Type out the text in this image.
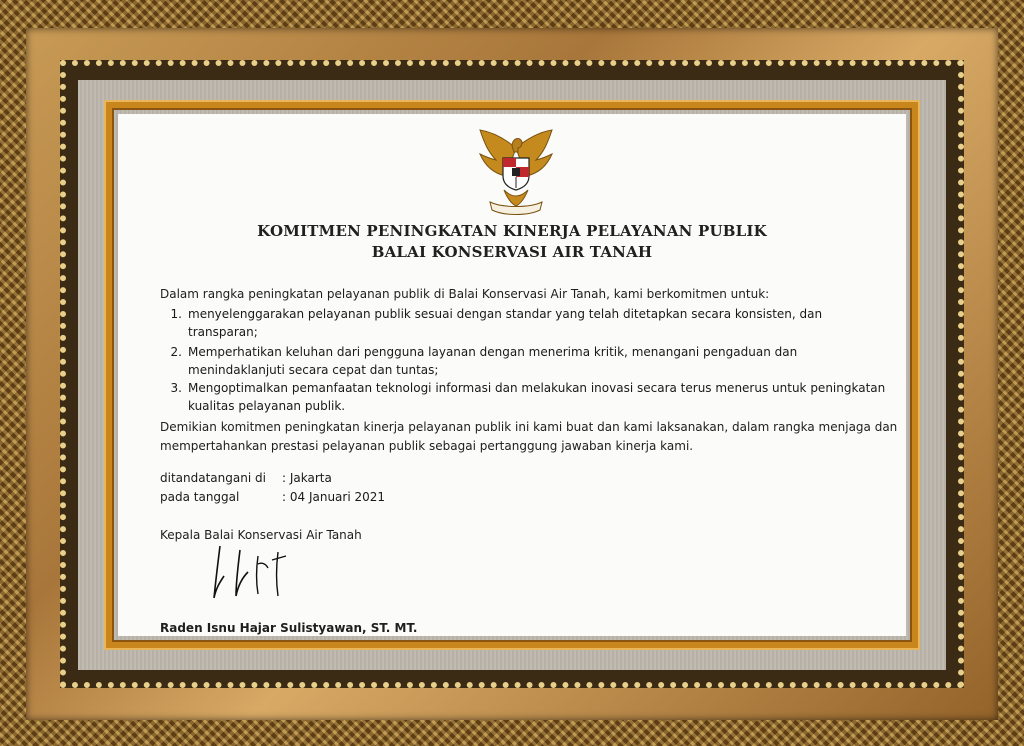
KOMITMEN PENINGKATAN KINERJA PELAYANAN PUBLIK
BALAI KONSERVASI AIR TANAH
Dalam rangka peningkatan pelayanan publik di Balai Konservasi Air Tanah, kami berkomitmen untuk:
1. menyelenggarakan pelayanan publik sesuai dengan standar yang telah ditetapkan secara konsisten, dan transparan;
2. Memperhatikan keluhan dari pengguna layanan dengan menerima kritik, menangani pengaduan dan menindaklanjuti secara cepat dan tuntas;
3. Mengoptimalkan pemanfaatan teknologi informasi dan melakukan inovasi secara terus menerus untuk peningkatan kualitas pelayanan publik.
Demikian komitmen peningkatan kinerja pelayanan publik ini kami buat dan kami laksanakan, dalam rangka menjaga dan mempertahankan prestasi pelayanan publik sebagai pertanggung jawaban kinerja kami.
ditandatangani di : Jakarta
pada tanggal	: 04 Januari 2021
Kepala Balai Konservasi Air Tanah
Raden Isnu Hajar Sulistyawan, ST. MT.
